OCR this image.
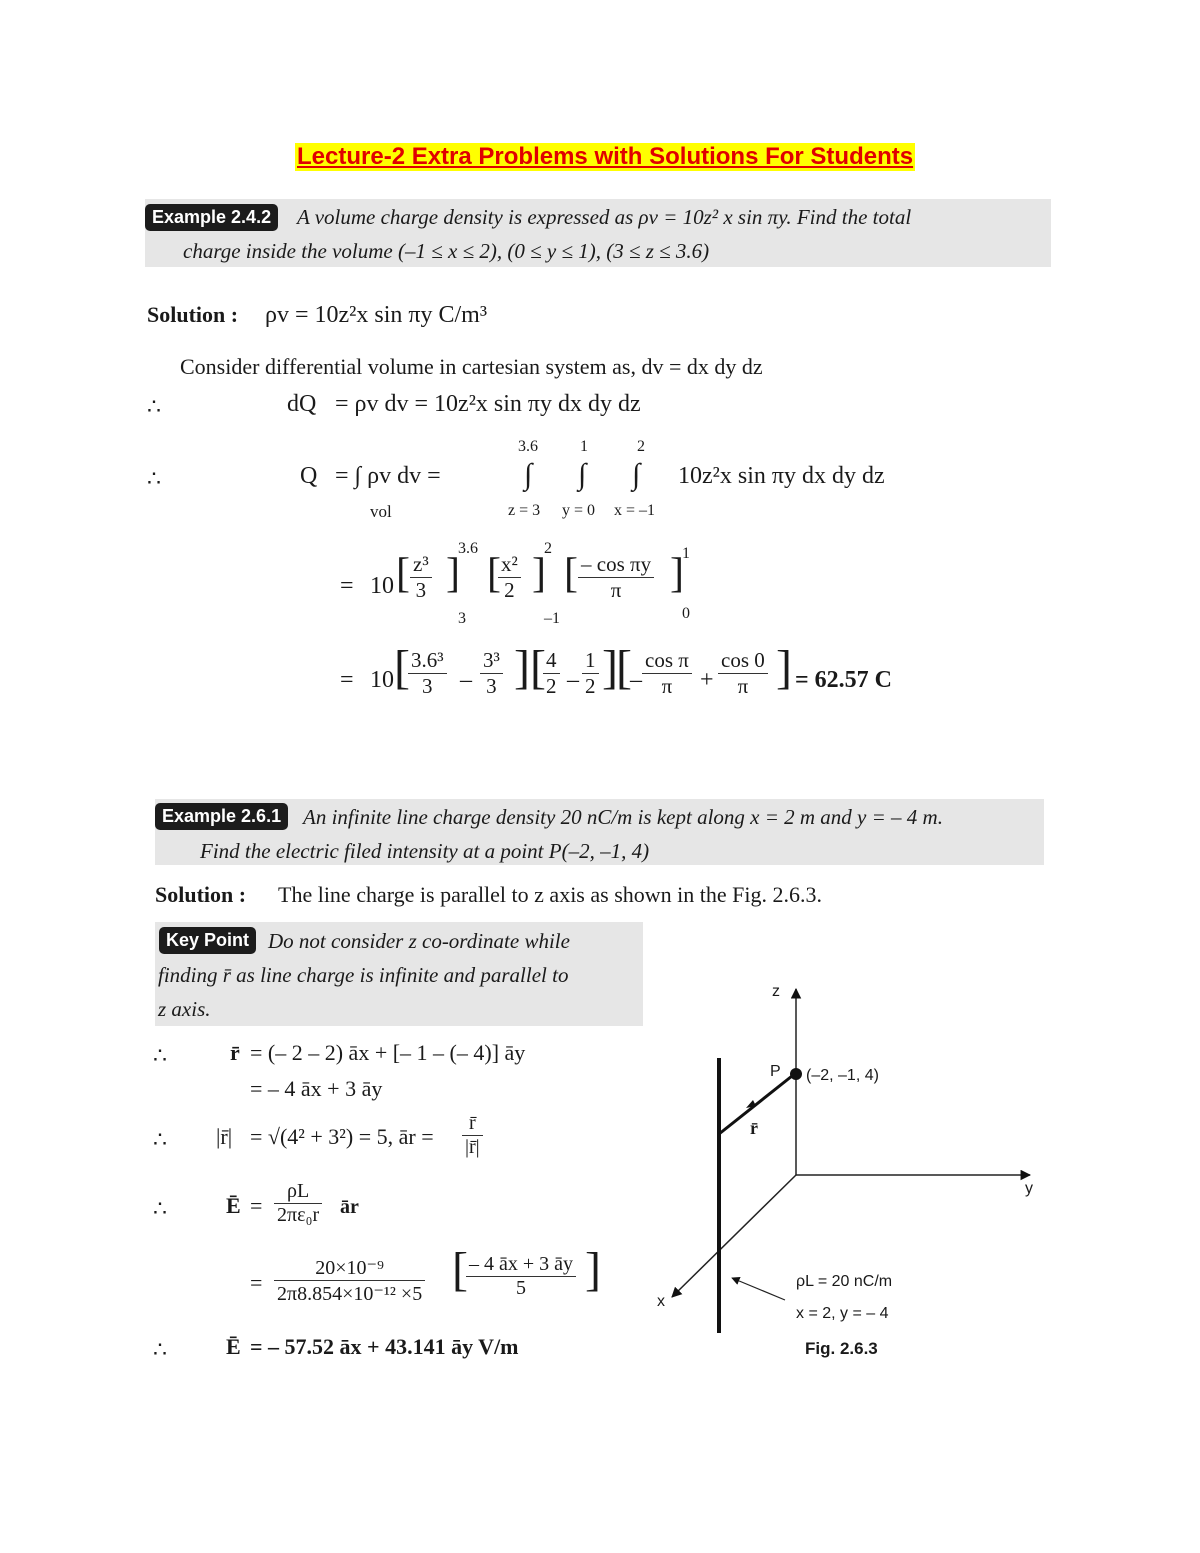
Lecture-2 Extra Problems with Solutions For Students
Example 2.4.2	A volume charge density is expressed as ρv = 10z² x sin πy. Find the total
charge inside the volume (–1 ≤ x ≤ 2), (0 ≤ y ≤ 1), (3 ≤ z ≤ 3.6)
Solution : ρv = 10z²x sin πy C/m³
Consider differential volume in cartesian system as, dv = dx dy dz
∴	dQ = ρv dv = 10z²x sin πy dx dy dz
∴	Q = ∫ ρv dv =
vol
3.6	1	2
∫ ∫ ∫
z = 3 y = 0 x = –1
10z²x sin πy dx dy dz
= 10 [ $\frac{\text{z³}}{3}$ ]
3.6
3
[
$\frac{\text{x²}}{2}$ ]
2
–1
[ $\frac{\text{– cos πy}}{\pi}$ ]
1
0
= 10 [
$\frac{\text{3.6³}}{3} - \frac{\text{3³}}{3}$ ] [
$\frac{4}{2} - \frac{1}{2}$ ]
[
– $\frac{\text{cos π}}{\pi} + \frac{\cos 0}{\pi}$ ] = 62.57 C
Example 2.6.1	An infinite line charge density 20 nC/m is kept along x = 2 m and y = – 4 m.
Find the electric filed intensity at a point P(–2, –1, 4)
Solution : The line charge is parallel to z axis as shown in the Fig. 2.6.3.
Key Point Do not consider z co-ordinate while
finding r̄ as line charge is infinite and parallel to
z axis.
∴	r̄ = (– 2 – 2) āx + [– 1 – (– 4)] āy
= – 4 āx + 3 āy
∴ |r̄| = √(4² + 3²) = 5, ār = $\frac{r̄}{|r̄|}$
∴	Ē = $\frac{\rho L}{\text{2πε₀r}}$ ār
= $\frac{\text{20×10⁻⁹}}{\text{2π8.854×10⁻¹² ×5}}$ [
$\frac{- 4 āx + 3 āy}{5}$ ]
∴	Ē = – 57.52 āx + 43.141 āy V/m
z
y
x
P (–2, –1, 4)
r̄
ρL = 20 nC/m
x = 2, y = – 4
Fig. 2.6.3
